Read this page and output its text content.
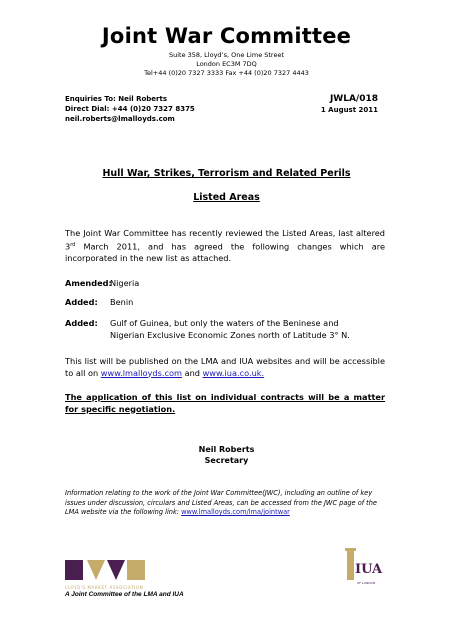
Joint War Committee
Suite 358, Lloyd’s, One Lime Street
London EC3M 7DQ
Tel+44 (0)20 7327 3333 Fax +44 (0)20 7327 4443
Enquiries To: Neil Roberts
Direct Dial: +44 (0)20 7327 8375
neil.roberts@lmalloyds.com
JWLA/018
1 August 2011
Hull War, Strikes, Terrorism and Related Perils
Listed Areas
The Joint War Committee has recently reviewed the Listed Areas, last altered 3rd March 2011, and has agreed the following changes which are incorporated in the new list as attached.
Amended:
Nigeria
Added: Benin
Added: Gulf of Guinea, but only the waters of the Beninese and Nigerian Exclusive Economic Zones north of Latitude 3° N.
This list will be published on the LMA and IUA websites and will be accessible to all on www.lmalloyds.com and www.iua.co.uk.
The application of this list on individual contracts will be a matter for specific negotiation.
Neil Roberts
Secretary
Information relating to the work of the Joint War Committee(JWC), including an outline of key issues under discussion, circulars and Listed Areas, can be accessed from the JWC page of the LMA website via the following link: www.lmalloyds.com/lma/jointwar
LLOYD'S MARKET ASSOCIATION
IUA
OF LONDON
A Joint Committee of the LMA and IUA
